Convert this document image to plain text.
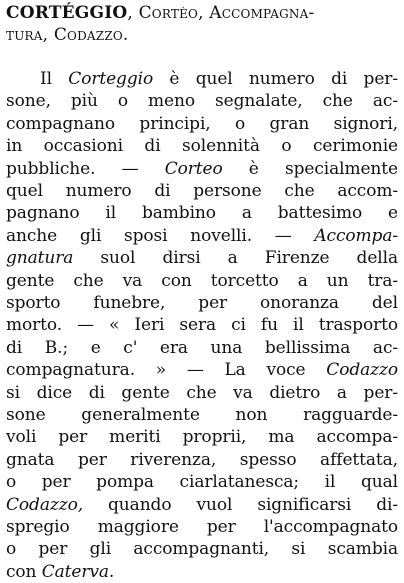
CORTÉGGIO, Cortèo, Accompagna-
tura, Codazzo.
Il Corteggio è quel numero di per-
sone, più o meno segnalate, che ac-
compagnano principi, o gran signori,
in occasioni di solennità o cerimonie
pubbliche. — Corteo è specialmente
quel numero di persone che accom-
pagnano il bambino a battesimo e
anche gli sposi novelli. — Accompa-
gnatura suol dirsi a Firenze della
gente che va con torcetto a un tra-
sporto funebre, per onoranza del
morto. — « Ieri sera ci fu il trasporto
di B.; e c' era una bellissima ac-
compagnatura. » — La voce Codazzo
si dice di gente che va dietro a per-
sone generalmente non ragguarde-
voli per meriti proprii, ma accompa-
gnata per riverenza, spesso affettata,
o per pompa ciarlatanesca; il qual
Codazzo, quando vuol significarsi di-
spregio maggiore per l'accompagnato
o per gli accompagnanti, si scambia
con Caterva.
